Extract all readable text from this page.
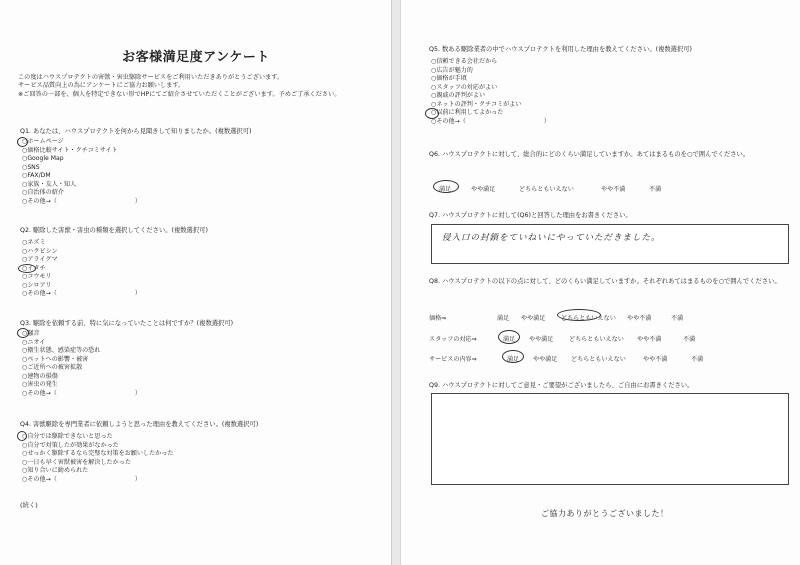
お客様満足度アンケート
この度はハウスプロテクトの害獣・害虫駆除サービスをご利用いただきありがとうございます。
サービス品質向上の為にアンケートにご協力お願いします。
※ご回答の一部を、個人を特定できない形でHPにてご紹介させていただくことがございます。予めご了承ください。
Q1. あなたは、ハウスプロテクトを何から見聞きして知りましたか。(複数選択可)
○ホームページ
○価格比較サイト・クチコミサイト
○Google Map
○SNS
○FAX/DM
○家族・友人・知人
○自治体の紹介
○その他→（	）
Q2. 駆除した害獣・害虫の種類を選択してください。(複数選択可)
○ネズミ
○ハクビシン
○アライグマ
○イタチ
○コウモリ
○シロアリ
○その他→（	）
Q3. 駆除を依頼する前、特に気になっていたことは何ですか？(複数選択可)
○騒音
○ニオイ
○衛生状態、感染症等の恐れ
○ペットへの影響・被害
○ご近所への被害拡散
○建物の損傷
○害虫の発生
○その他→（	）
Q4. 害獣駆除を専門業者に依頼しようと思った理由を教えてください。(複数選択可)
○自分では駆除できないと思った
○自分で対策したが効果がなかった
○せっかく駆除するなら完璧な対策をお願いしたかった
○一日も早く害獣被害を解決したかった
○知り合いに勧められた
○その他→（	）
(続く)
Q5. 数ある駆除業者の中でハウスプロテクトを利用した理由を教えてください。(複数選択可)
○信頼できる会社だから
○広告が魅力的
○価格が手頃
○スタッフの対応がよい
○親戚の評判がよい
○ネットの評判・クチコミがよい
○以前に利用してよかった
○その他→（	）
Q6. ハウスプロテクトに対して、総合的にどのくらい満足していますか。あてはまるものを○で囲んでください。
満足	やや満足	どちらともいえない	やや不満	不満
Q7. ハウスプロテクトに対して(Q6)と回答した理由をお書きください。
侵入口の封鎖をていねいにやっていただきました。
Q8. ハウスプロテクトの以下の点に対して、どのくらい満足していますか。それぞれあてはまるものを○で囲んでください。
価格⇒	満足 やや満足	どちらともいえない やや不満	不満
スタッフの対応⇒	満足 やや満足	どちらともいえない やや不満	不満
サービスの内容⇒	満足 やや満足 どちらともいえない	やや不満	不満
Q9. ハウスプロテクトに対してご意見・ご要望がございましたら、ご自由にお書きください。
ご協力ありがとうございました！
